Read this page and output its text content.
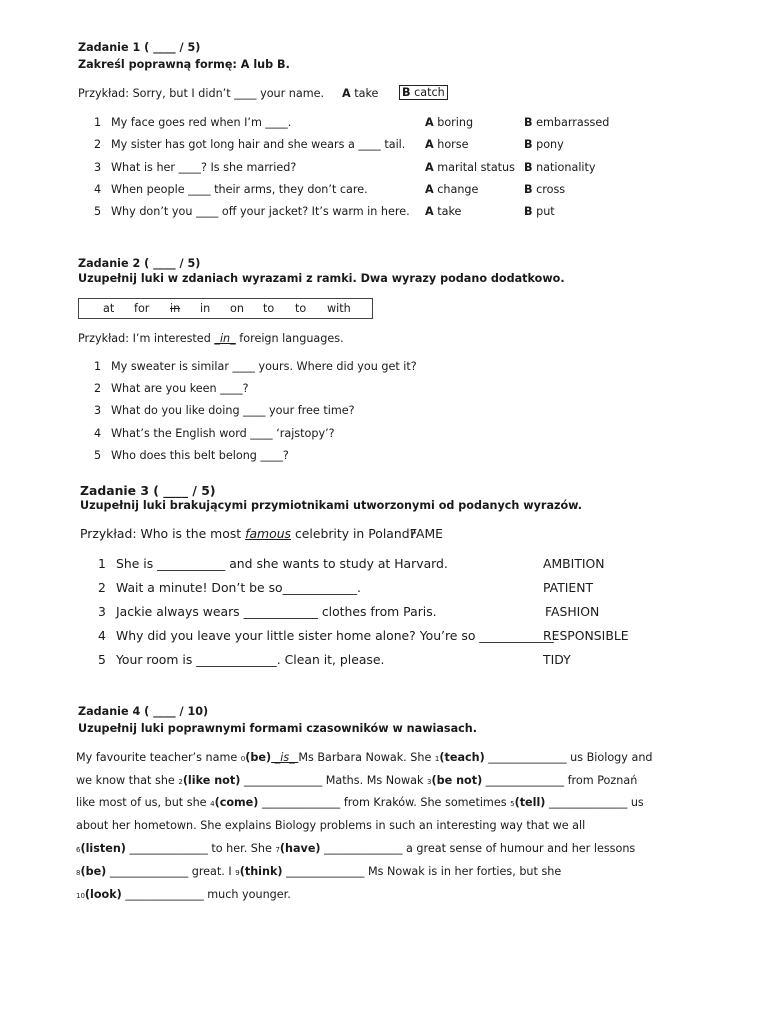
Zadanie 1 ( ____ / 5)
Zakreśl poprawną formę: A lub B.
Przykład: Sorry, but I didn’t ____ your name. A take B catch
1 My face goes red when I’m ____.	A boring	B embarrassed
2 My sister has got long hair and she wears a ____ tail. A horse	B pony
3 What is her ____? Is she married?	A marital status B nationality
4 When people ____ their arms, they don’t care.	A change	B cross
5 Why don’t you ____ off your jacket? It’s warm in here. A take	B put
Zadanie 2 ( ____ / 5)
Uzupełnij luki w zdaniach wyrazami z ramki. Dwa wyrazy podano dodatkowo.
at for in in on to to with
Przykład: I’m interested _in_ foreign languages.
1 My sweater is similar ____ yours. Where did you get it?
2 What are you keen ____?
3 What do you like doing ____ your free time?
4 What’s the English word ____ ‘rajstopy’?
5 Who does this belt belong ____?
Zadanie 3 ( ____ / 5)
Uzupełnij luki brakującymi przymiotnikami utworzonymi od podanych wyrazów.
Przykład: Who is the most famous celebrity in Poland?
FAME
1 She is ___________ and she wants to study at Harvard.	AMBITION
2 Wait a minute! Don’t be so____________.	PATIENT
3 Jackie always wears ____________ clothes from Paris.	FASHION
4 Why did you leave your little sister home alone? You’re so ____________.
RESPONSIBLE
5 Your room is _____________. Clean it, please.	TIDY
Zadanie 4 ( ____ / 10)
Uzupełnij luki poprawnymi formami czasowników w nawiasach.
My favourite teacher’s name 0(be) _is_ Ms Barbara Nowak. She 1(teach) ______________ us Biology and
we know that she 2(like not) ______________ Maths. Ms Nowak 3(be not) ______________ from Poznań
like most of us, but she 4(come) ______________ from Kraków. She sometimes 5(tell) ______________ us
about her hometown. She explains Biology problems in such an interesting way that we all
6(listen) ______________ to her. She 7(have) ______________ a great sense of humour and her lessons
8(be) ______________ great. I 9(think) ______________ Ms Nowak is in her forties, but she
10(look) ______________ much younger.
